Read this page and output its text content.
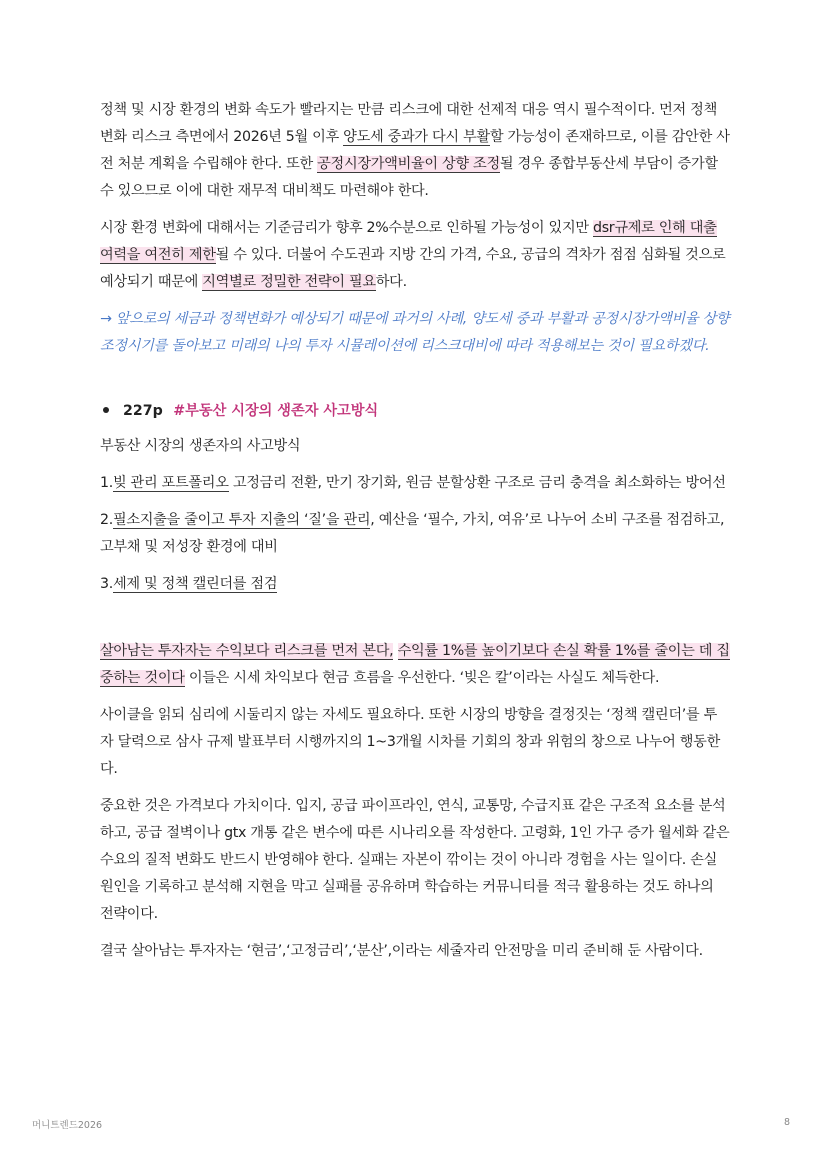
정책 및 시장 환경의 변화 속도가 빨라지는 만큼 리스크에 대한 선제적 대응 역시 필수적이다. 먼저 정책 변화 리스크 측면에서 2026년 5월 이후 양도세 중과가 다시 부활할 가능성이 존재하므로, 이를 감안한 사전 처분 계획을 수립해야 한다. 또한 공정시장가액비율이 상향 조정될 경우 종합부동산세 부담이 증가할 수 있으므로 이에 대한 재무적 대비책도 마련해야 한다.

시장 환경 변화에 대해서는 기준금리가 향후 2%수분으로 인하될 가능성이 있지만 dsr규제로 인해 대출 여력을 여전히 제한될 수 있다. 더불어 수도권과 지방 간의 가격, 수요, 공급의 격차가 점점 심화될 것으로 예상되기 때문에 지역별로 정밀한 전략이 필요하다.

→ 앞으로의 세금과 정책변화가 예상되기 때문에 과거의 사례, 양도세 중과 부활과 공정시장가액비율 상향 조정시기를 돌아보고 미래의 나의 투자 시뮬레이션에 리스크대비에 따라 적용해보는 것이 필요하겠다.

227p #부동산 시장의 생존자 사고방식

부동산 시장의 생존자의 사고방식

1.빚 관리 포트폴리오 고정금리 전환, 만기 장기화, 원금 분할상환 구조로 금리 충격을 최소화하는 방어선

2.필소지출을 줄이고 투자 지출의 ‘질’을 관리, 예산을 ‘필수, 가치, 여유’로 나누어 소비 구조를 점검하고, 고부채 및 저성장 환경에 대비

3.세제 및 정책 캘린더를 점검

살아남는 투자자는 수익보다 리스크를 먼저 본다, 수익률 1%를 높이기보다 손실 확률 1%를 줄이는 데 집중하는 것이다 이들은 시세 차익보다 현금 흐름을 우선한다. ‘빚은 칼’이라는 사실도 체득한다.

사이클을 읽되 심리에 시둘리지 않는 자세도 필요하다. 또한 시장의 방향을 결정짓는 ‘정책 캘린더’를 투자 달력으로 삼사 규제 발표부터 시행까지의 1~3개월 시차를 기회의 창과 위험의 창으로 나누어 행동한다.

중요한 것은 가격보다 가치이다. 입지, 공급 파이프라인, 연식, 교통망, 수급지표 같은 구조적 요소를 분석하고, 공급 절벽이나 gtx 개통 같은 변수에 따른 시나리오를 작성한다. 고령화, 1인 가구 증가 월세화 같은 수요의 질적 변화도 반드시 반영해야 한다. 실패는 자본이 깎이는 것이 아니라 경험을 사는 일이다. 손실 원인을 기록하고 분석해 지현을 막고 실패를 공유하며 학습하는 커뮤니티를 적극 활용하는 것도 하나의 전략이다.

결국 살아남는 투자자는 ‘현금’,‘고정금리’,‘분산’,이라는 세줄자리 안전망을 미리 준비해 둔 사람이다.

머니트렌드2026	8
